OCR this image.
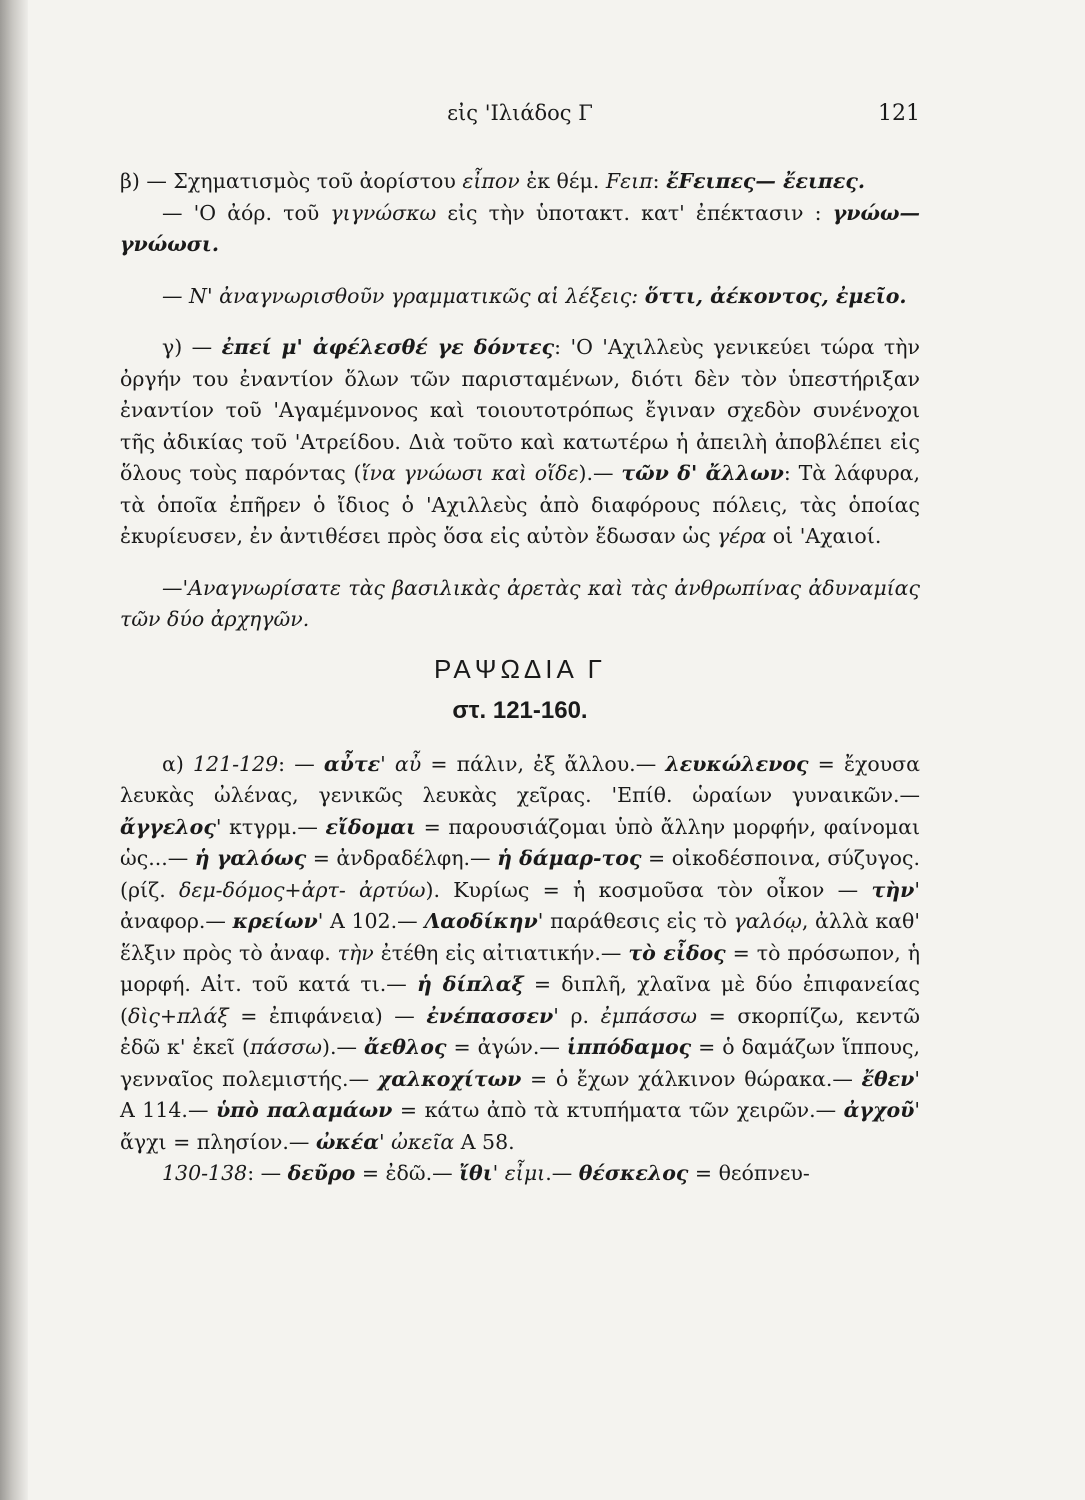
εἰς 'Ιλιάδος Γ	121

β) — Σχηματισμὸς τοῦ ἀορίστου εἶπον ἐκ θέμ. Fειπ: ἔFειπες— ἔειπες.

— 'Ο ἀόρ. τοῦ γιγνώσκω εἰς τὴν ὑποτακτ. κατ' ἐπέκτασιν : γνώω— γνώωσι.

— Ν' ἀναγνωρισθοῦν γραμματικῶς αἱ λέξεις: ὅττι, ἀέκοντος, ἐμεῖο.

γ) — ἐπεί μ' ἀφέλεσθέ γε δόντες: 'Ο 'Αχιλλεὺς γενικεύει τώρα τὴν ὀργήν του ἐναντίον ὅλων τῶν παρισταμένων, διότι δὲν τὸν ὑπεστήριξαν ἐναντίον τοῦ 'Αγαμέμνονος καὶ τοιουτοτρόπως ἔγιναν σχεδὸν συνένοχοι τῆς ἀδικίας τοῦ 'Ατρείδου. Διὰ τοῦτο καὶ κατωτέρω ἡ ἀπειλὴ ἀποβλέπει εἰς ὅλους τοὺς παρόντας (ἵνα γνώωσι καὶ οἵδε).— τῶν δ' ἄλλων: Τὰ λάφυρα, τὰ ὁποῖα ἐπῆρεν ὁ ἴδιος ὁ 'Αχιλλεὺς ἀπὸ διαφόρους πόλεις, τὰς ὁποίας ἐκυρίευσεν, ἐν ἀντιθέσει πρὸς ὅσα εἰς αὐτὸν ἔδωσαν ὡς γέρα οἱ 'Αχαιοί.

—'Αναγνωρίσατε τὰς βασιλικὰς ἀρετὰς καὶ τὰς ἀνθρωπίνας ἀδυναμίας τῶν δύο ἀρχηγῶν.

ΡΑΨΩΔΙΑ Γ
στ. 121-160.

α) 121-129: — αὖτε' αὖ = πάλιν, ἐξ ἄλλου.— λευκώλενος = ἔχουσα λευκὰς ὠλένας, γενικῶς λευκὰς χεῖρας. 'Επίθ. ὡραίων γυναικῶν.— ἄγγελος' κτγρμ.— εἴδομαι = παρουσιάζομαι ὑπὸ ἄλλην μορφήν, φαίνομαι ὡς...— ἡ γαλόως = ἀνδραδέλφη.— ἡ δάμαρ-τος = οἰκοδέσποινα, σύζυγος. (ρίζ. δεμ-δόμος+ἀρτ- ἀρτύω). Κυρίως = ἡ κοσμοῦσα τὸν οἶκον — τὴν' ἀναφορ.— κρείων' Α 102.— Λαοδίκην' παράθεσις εἰς τὸ γαλόῳ, ἀλλὰ καθ' ἕλξιν πρὸς τὸ ἀναφ. τὴν ἐτέθη εἰς αἰτιατικήν.— τὸ εἶδος = τὸ πρόσωπον, ἡ μορφή. Αἰτ. τοῦ κατά τι.— ἡ δίπλαξ = διπλῆ, χλαῖνα μὲ δύο ἐπιφανείας (δὶς+πλάξ = ἐπιφάνεια) — ἐνέπασσεν' ρ. ἐμπάσσω = σκορπίζω, κεντῶ ἐδῶ κ' ἐκεῖ (πάσσω).— ἄεθλος = ἀγών.— ἱππόδαμος = ὁ δαμάζων ἵππους, γενναῖος πολεμιστής.— χαλκοχίτων = ὁ ἔχων χάλκινον θώρακα.— ἔθεν' Α 114.— ὑπὸ παλαμάων = κάτω ἀπὸ τὰ κτυπήματα τῶν χειρῶν.— ἀγχοῦ' ἄγχι = πλησίον.— ὠκέα' ὠκεῖα Α 58.

130-138: — δεῦρο = ἐδῶ.— ἴθι' εἶμι.— θέσκελος = θεόπνευ-
